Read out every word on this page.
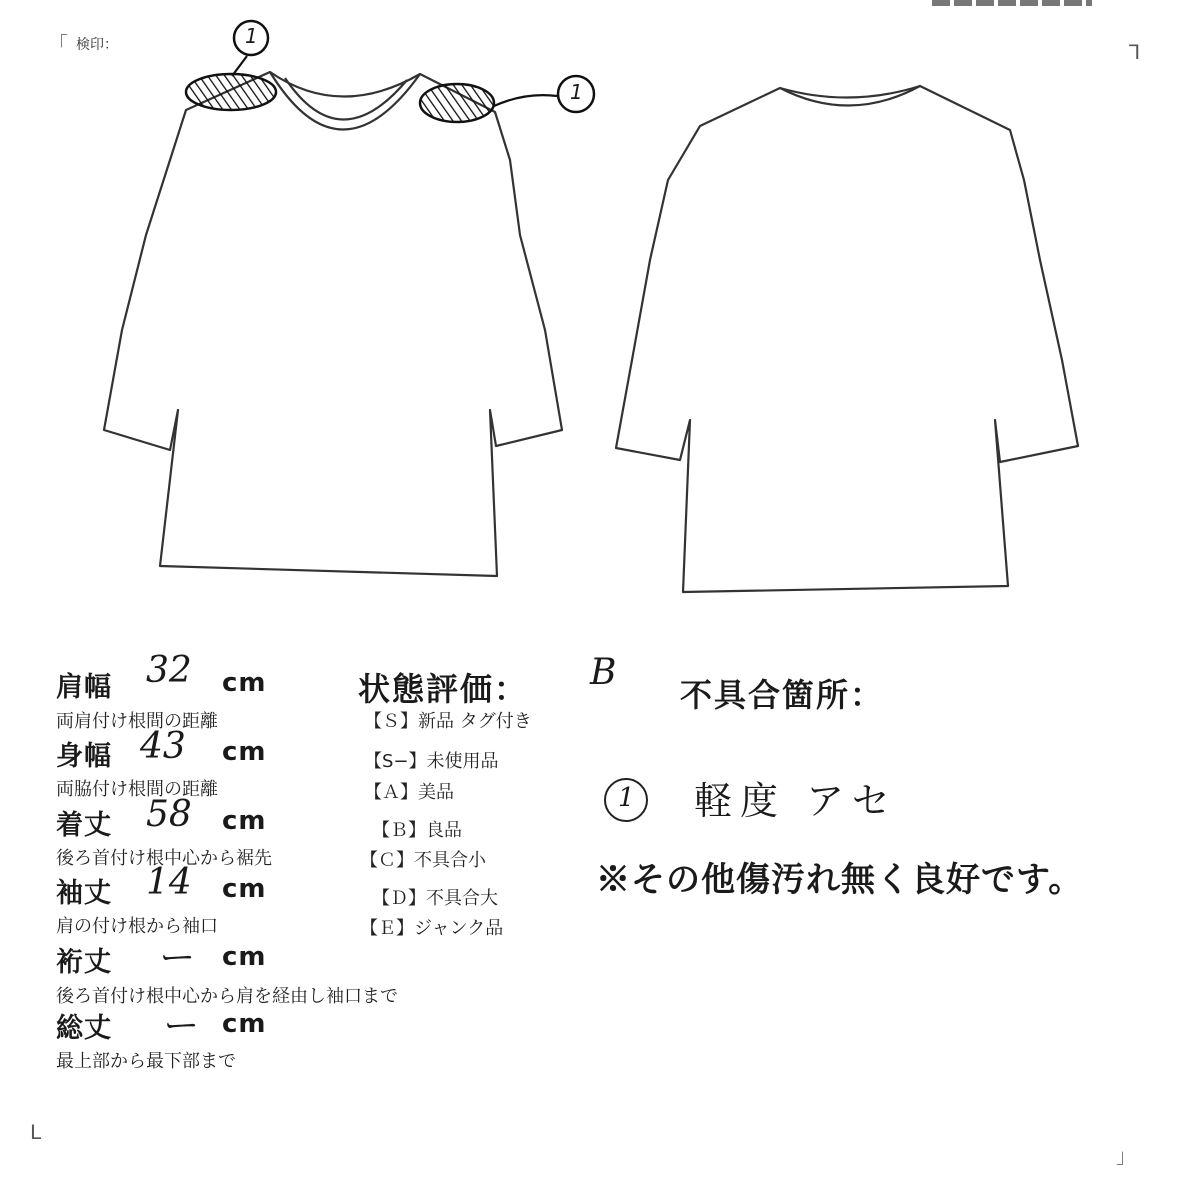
「 検印：	ᒣ
ᒪ
」
1
1
肩幅 32 cm
両肩付け根間の距離
身幅 43 cm
両脇付け根間の距離
着丈 58 cm
後ろ首付け根中心から裾先
袖丈 14 cm
肩の付け根から袖口
裄丈 ー cm
後ろ首付け根中心から肩を経由し袖口まで
総丈 ー cm
最上部から最下部まで
状態評価： B
【Ｓ】新品 タグ付き
【S−】未使用品
【Ａ】美品
【Ｂ】良品
【Ｃ】不具合小
【Ｄ】不具合大
【Ｅ】ジャンク品
不具合箇所：
1 軽度 アセ
※その他傷汚れ無く良好です。
